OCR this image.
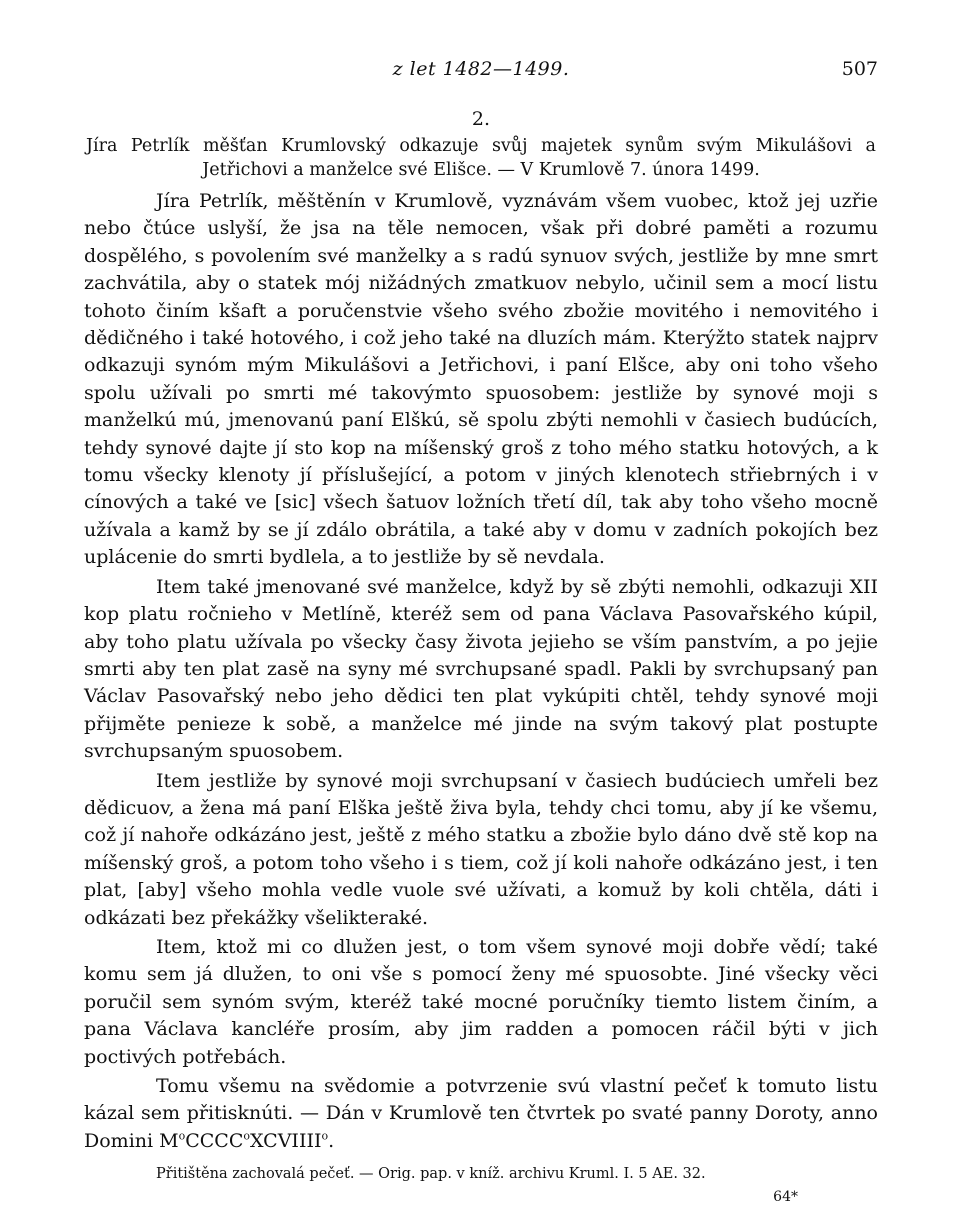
z let 1482—1499.	507
2.
Jíra Petrlík měšťan Krumlovský odkazuje svůj majetek synům svým Mikulášovi a Jetřichovi a manželce své Elišce. — V Krumlově 7. února 1499.

Jíra Petrlík, měštěnín v Krumlově, vyznávám všem vuobec, ktož jej uzřie nebo čtúce uslyší, že jsa na těle nemocen, však při dobré paměti a rozumu dospělého, s povolením své manželky a s radú synuov svých, jestliže by mne smrt zachvátila, aby o statek mój nižádných zmatkuov nebylo, učinil sem a mocí listu tohoto činím kšaft a poručenstvie všeho svého zbožie movitého i nemovitého i dědičného i také hotového, i což jeho také na dluzích mám. Kterýžto statek najprv odkazuji synóm mým Mikulášovi a Jetřichovi, i paní Elšce, aby oni toho všeho spolu užívali po smrti mé takovýmto spuosobem: jestliže by synové moji s manželkú mú, jmenovanú paní Elškú, sě spolu zbýti nemohli v časiech budúcích, tehdy synové dajte jí sto kop na míšenský groš z toho mého statku hotových, a k tomu všecky klenoty jí příslušející, a potom v jiných klenotech střiebrných i v cínových a také ve [sic] všech šatuov ložních třetí díl, tak aby toho všeho mocně užívala a kamž by se jí zdálo obrátila, a také aby v domu v zadních pokojích bez uplácenie do smrti bydlela, a to jestliže by sě nevdala.

Item také jmenované své manželce, když by sě zbýti nemohli, odkazuji XII kop platu ročnieho v Metlíně, kteréž sem od pana Václava Pasovařského kúpil, aby toho platu užívala po všecky časy života jejieho se vším panstvím, a po jejie smrti aby ten plat zasě na syny mé svrchupsané spadl. Pakli by svrchupsaný pan Václav Pasovařský nebo jeho dědici ten plat vykúpiti chtěl, tehdy synové moji přijměte penieze k sobě, a manželce mé jinde na svým takový plat postupte svrchupsaným spuosobem.

Item jestliže by synové moji svrchupsaní v časiech budúciech umřeli bez dědicuov, a žena má paní Elška ještě živa byla, tehdy chci tomu, aby jí ke všemu, což jí nahoře odkázáno jest, ještě z mého statku a zbožie bylo dáno dvě stě kop na míšenský groš, a potom toho všeho i s tiem, což jí koli nahoře odkázáno jest, i ten plat, [aby] všeho mohla vedle vuole své užívati, a komuž by koli chtěla, dáti i odkázati bez překážky všelikteraké.

Item, ktož mi co dlužen jest, o tom všem synové moji dobře vědí; také komu sem já dlužen, to oni vše s pomocí ženy mé spuosobte. Jiné všecky věci poručil sem synóm svým, kteréž také mocné poručníky tiemto listem činím, a pana Václava kancléře prosím, aby jim radden a pomocen ráčil býti v jich poctivých potřebách.

Tomu všemu na svědomie a potvrzenie svú vlastní pečeť k tomuto listu kázal sem přitisknúti. — Dán v Krumlově ten čtvrtek po svaté panny Doroty, anno Domini $M^oCCCC^oXCVIIII^o$.

Přitištěna zachovalá pečeť. — Orig. pap. v kníž. archivu Kruml. I. 5 AE. 32.
64*
